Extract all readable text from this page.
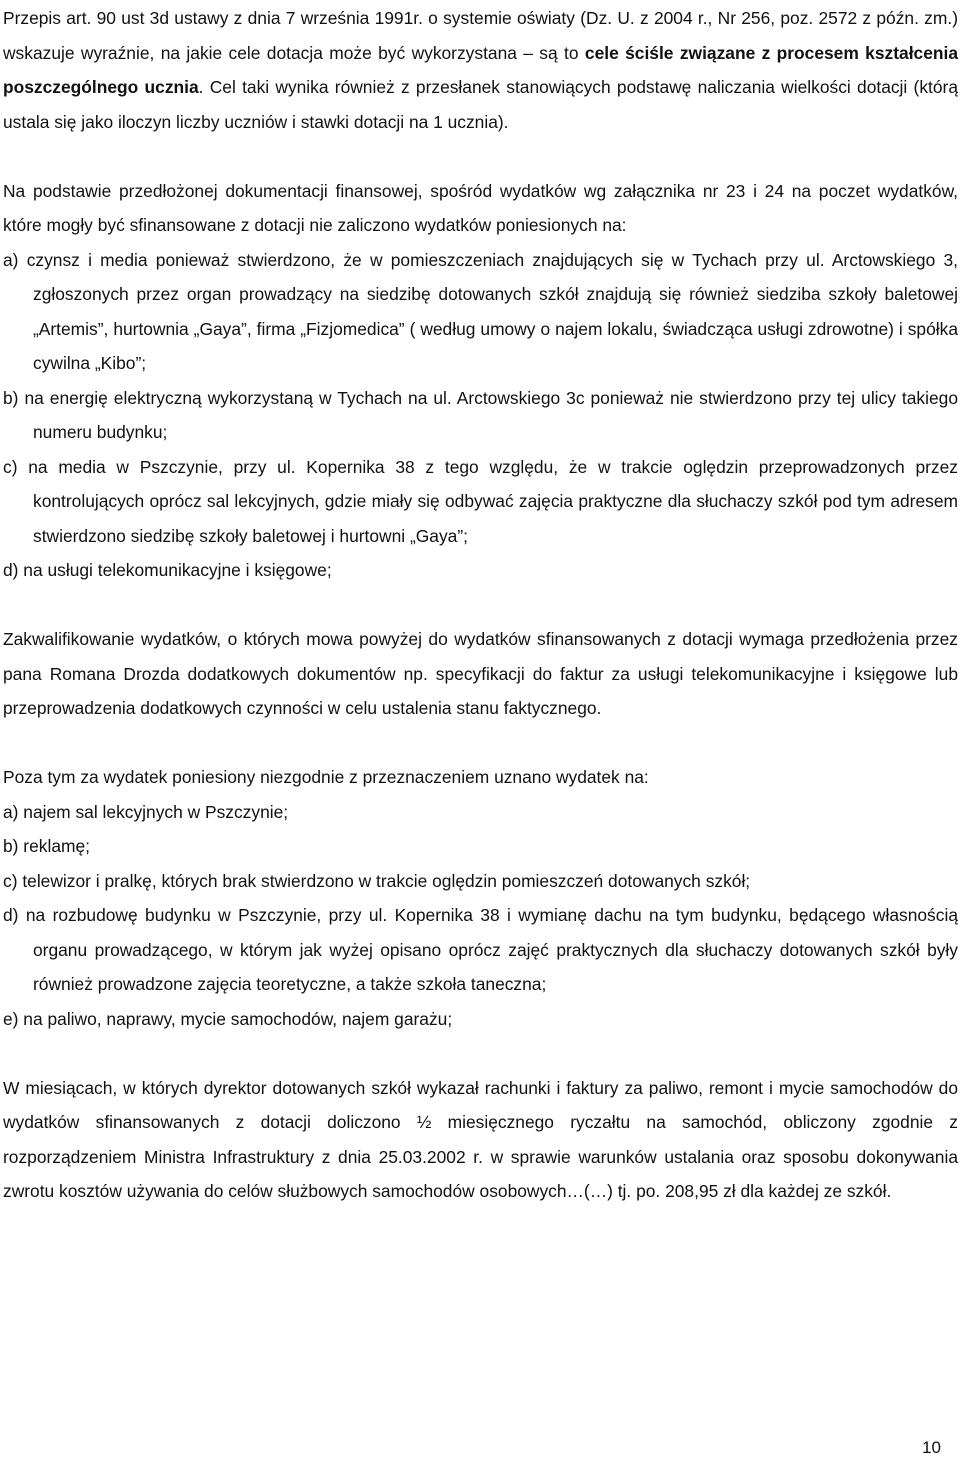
Przepis art. 90 ust 3d ustawy z dnia 7 września 1991r. o systemie oświaty (Dz. U. z 2004 r., Nr 256, poz. 2572 z późn. zm.) wskazuje wyraźnie, na jakie cele dotacja może być wykorzystana – są to cele ściśle związane z procesem kształcenia poszczególnego ucznia. Cel taki wynika również z przesłanek stanowiących podstawę naliczania wielkości dotacji (którą ustala się jako iloczyn liczby uczniów i stawki dotacji na 1 ucznia).

Na podstawie przedłożonej dokumentacji finansowej, spośród wydatków wg załącznika nr 23 i 24 na poczet wydatków, które mogły być sfinansowane z dotacji nie zaliczono wydatków poniesionych na:

a) czynsz i media ponieważ stwierdzono, że w pomieszczeniach znajdujących się w Tychach przy ul. Arctowskiego 3, zgłoszonych przez organ prowadzący na siedzibę dotowanych szkół znajdują się również siedziba szkoły baletowej „Artemis”, hurtownia „Gaya”, firma „Fizjomedica” ( według umowy o najem lokalu, świadcząca usługi zdrowotne) i spółka cywilna „Kibo”;

b) na energię elektryczną wykorzystaną w Tychach na ul. Arctowskiego 3c ponieważ nie stwierdzono przy tej ulicy takiego numeru budynku;

c) na media w Pszczynie, przy ul. Kopernika 38 z tego względu, że w trakcie oględzin przeprowadzonych przez kontrolujących oprócz sal lekcyjnych, gdzie miały się odbywać zajęcia praktyczne dla słuchaczy szkół pod tym adresem stwierdzono siedzibę szkoły baletowej i hurtowni „Gaya”;

d) na usługi telekomunikacyjne i księgowe;

Zakwalifikowanie wydatków, o których mowa powyżej do wydatków sfinansowanych z dotacji wymaga przedłożenia przez pana Romana Drozda dodatkowych dokumentów np. specyfikacji do faktur za usługi telekomunikacyjne i księgowe lub przeprowadzenia dodatkowych czynności w celu ustalenia stanu faktycznego.

Poza tym za wydatek poniesiony niezgodnie z przeznaczeniem uznano wydatek na:

a) najem sal lekcyjnych w Pszczynie;

b) reklamę;

c) telewizor i pralkę, których brak stwierdzono w trakcie oględzin pomieszczeń dotowanych szkół;

d) na rozbudowę budynku w Pszczynie, przy ul. Kopernika 38 i wymianę dachu na tym budynku, będącego własnością organu prowadzącego, w którym jak wyżej opisano oprócz zajęć praktycznych dla słuchaczy dotowanych szkół były również prowadzone zajęcia teoretyczne, a także szkoła taneczna;

e) na paliwo, naprawy, mycie samochodów, najem garażu;

W miesiącach, w których dyrektor dotowanych szkół wykazał rachunki i faktury za paliwo, remont i mycie samochodów do wydatków sfinansowanych z dotacji doliczono ½ miesięcznego ryczałtu na samochód, obliczony zgodnie z rozporządzeniem Ministra Infrastruktury z dnia 25.03.2002 r. w sprawie warunków ustalania oraz sposobu dokonywania zwrotu kosztów używania do celów służbowych samochodów osobowych…(…) tj. po. 208,95 zł dla każdej ze szkół.

10
